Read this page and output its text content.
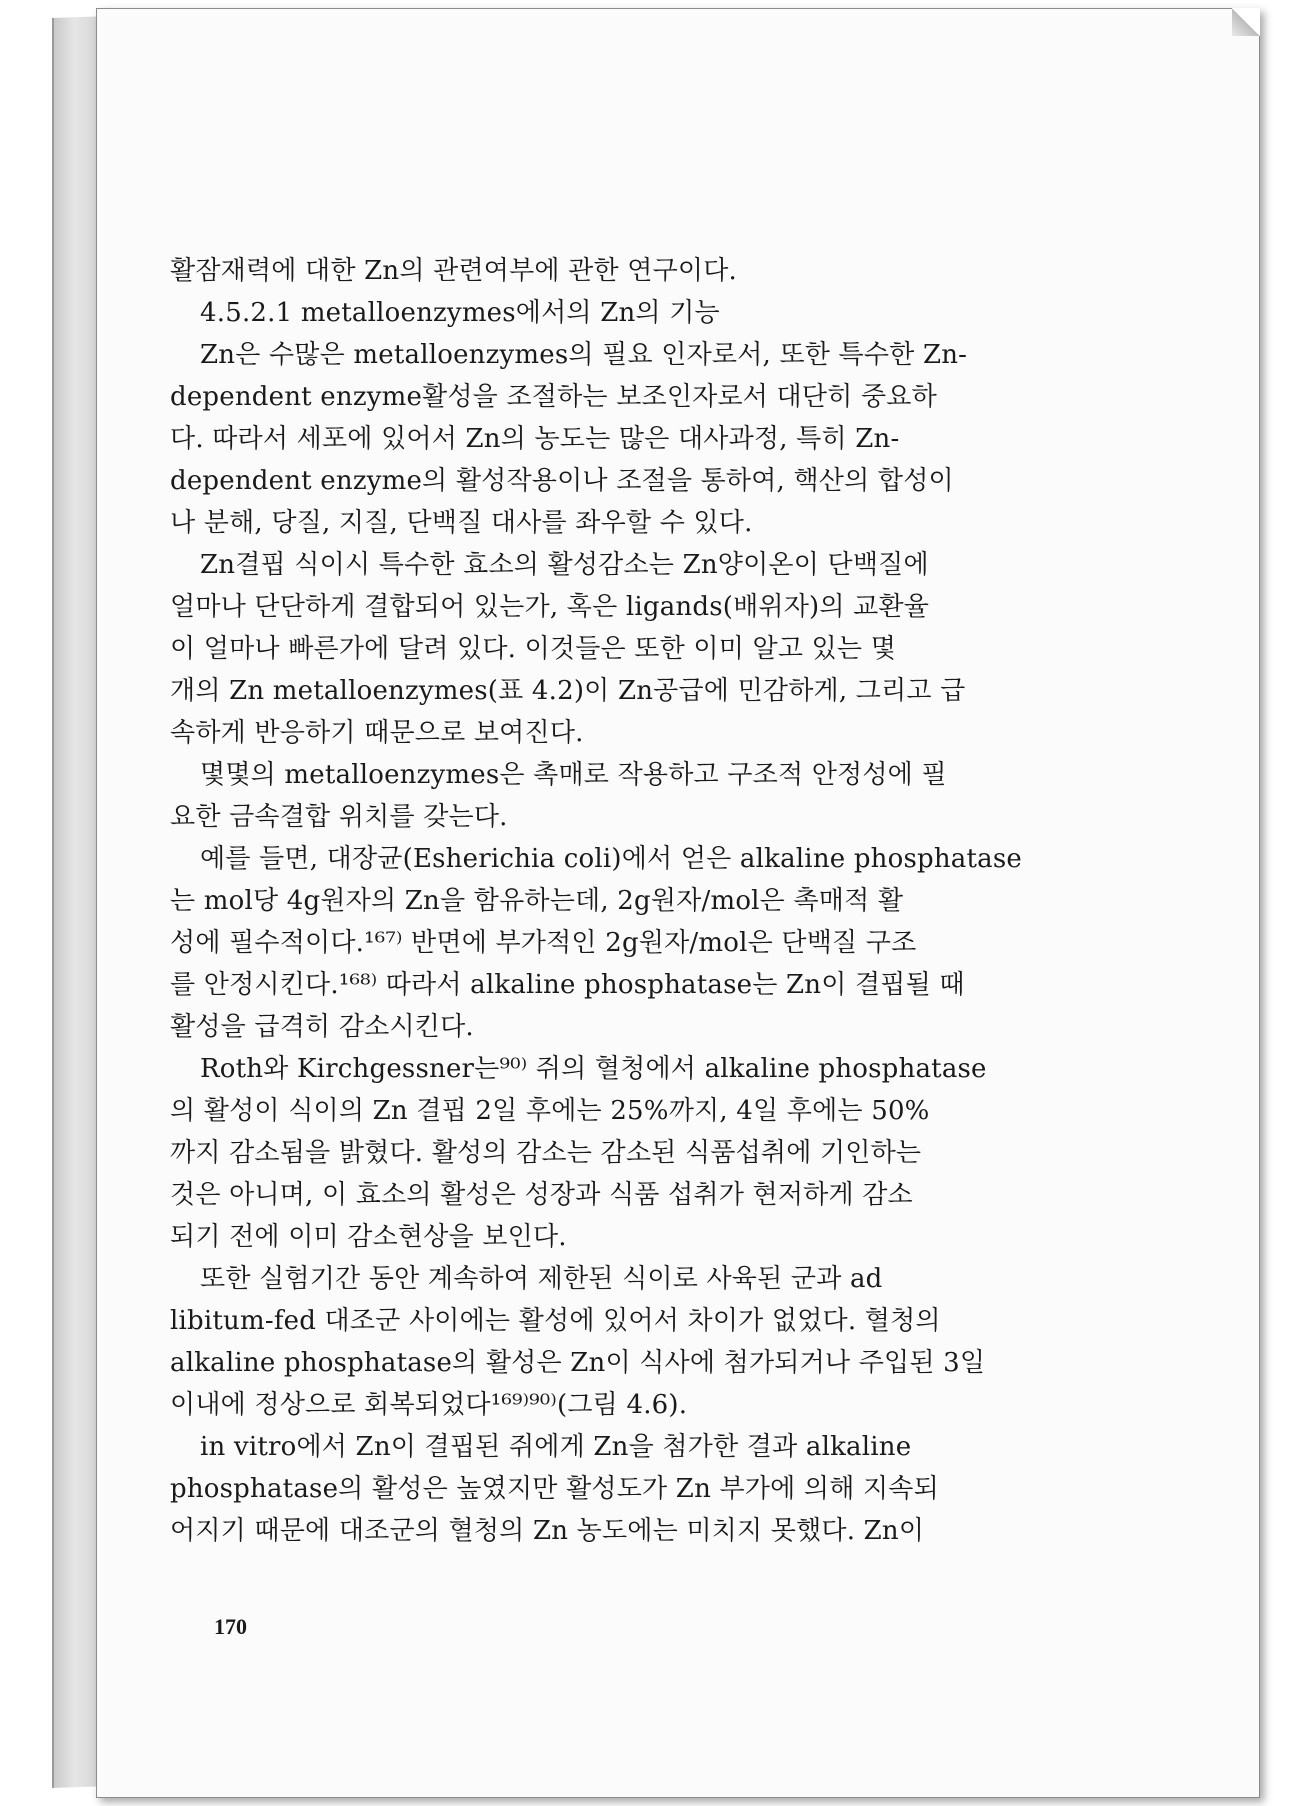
활잠재력에 대한 Zn의 관련여부에 관한 연구이다.

4.5.2.1 metalloenzymes에서의 Zn의 기능

Zn은 수많은 metalloenzymes의 필요 인자로서, 또한 특수한 Zn-

dependent enzyme활성을 조절하는 보조인자로서 대단히 중요하

다. 따라서 세포에 있어서 Zn의 농도는 많은 대사과정, 특히 Zn-

dependent enzyme의 활성작용이나 조절을 통하여, 핵산의 합성이

나 분해, 당질, 지질, 단백질 대사를 좌우할 수 있다.

Zn결핍 식이시 특수한 효소의 활성감소는 Zn양이온이 단백질에

얼마나 단단하게 결합되어 있는가, 혹은 ligands(배위자)의 교환율

이 얼마나 빠른가에 달려 있다. 이것들은 또한 이미 알고 있는 몇

개의 Zn metalloenzymes(표 4.2)이 Zn공급에 민감하게, 그리고 급

속하게 반응하기 때문으로 보여진다.

몇몇의 metalloenzymes은 촉매로 작용하고 구조적 안정성에 필

요한 금속결합 위치를 갖는다.

예를 들면, 대장균(Esherichia coli)에서 얻은 alkaline phosphatase

는 mol당 4g원자의 Zn을 함유하는데, 2g원자/mol은 촉매적 활

성에 필수적이다.¹⁶⁷⁾ 반면에 부가적인 2g원자/mol은 단백질 구조

를 안정시킨다.¹⁶⁸⁾ 따라서 alkaline phosphatase는 Zn이 결핍될 때

활성을 급격히 감소시킨다.

Roth와 Kirchgessner는⁹⁰⁾ 쥐의 혈청에서 alkaline phosphatase

의 활성이 식이의 Zn 결핍 2일 후에는 25%까지, 4일 후에는 50%

까지 감소됨을 밝혔다. 활성의 감소는 감소된 식품섭취에 기인하는

것은 아니며, 이 효소의 활성은 성장과 식품 섭취가 현저하게 감소

되기 전에 이미 감소현상을 보인다.

또한 실험기간 동안 계속하여 제한된 식이로 사육된 군과 ad

libitum-fed 대조군 사이에는 활성에 있어서 차이가 없었다. 혈청의

alkaline phosphatase의 활성은 Zn이 식사에 첨가되거나 주입된 3일

이내에 정상으로 회복되었다¹⁶⁹⁾⁹⁰⁾(그림 4.6).

in vitro에서 Zn이 결핍된 쥐에게 Zn을 첨가한 결과 alkaline

phosphatase의 활성은 높였지만 활성도가 Zn 부가에 의해 지속되

어지기 때문에 대조군의 혈청의 Zn 농도에는 미치지 못했다. Zn이

170
